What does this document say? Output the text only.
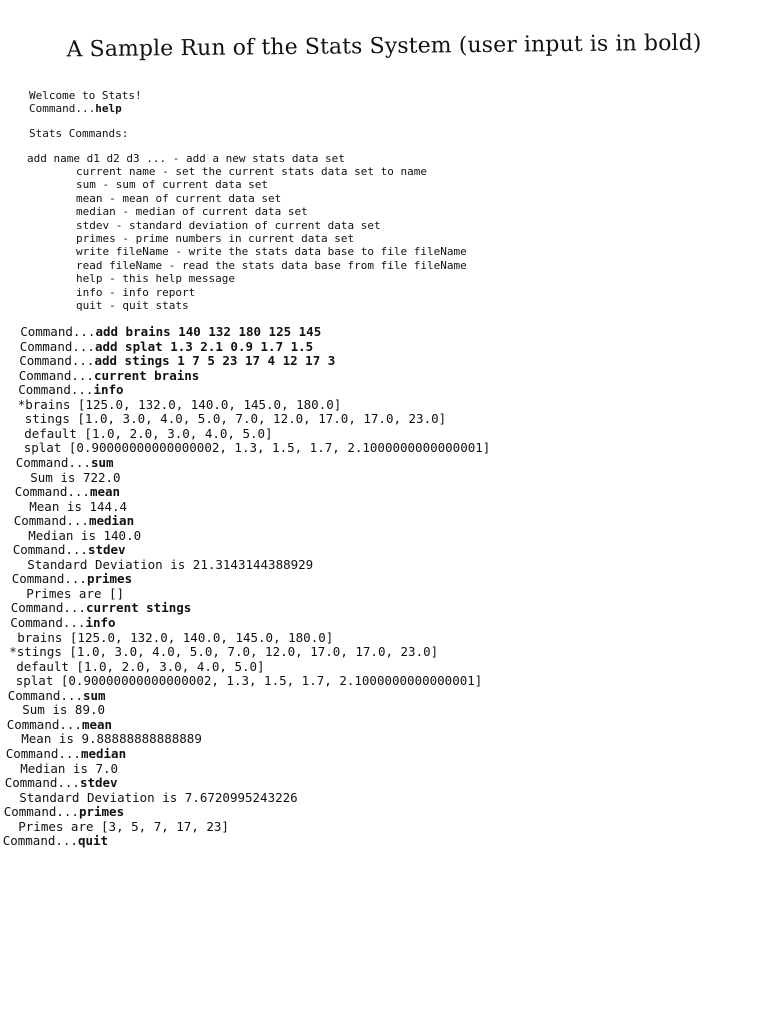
A Sample Run of the Stats System (user input is in bold)
Welcome to Stats!
Command...help
Stats Commands:
add name d1 d2 d3 ... - add a new stats data set
current name - set the current stats data set to name
sum - sum of current data set
mean - mean of current data set
median - median of current data set
stdev - standard deviation of current data set
primes - prime numbers in current data set
write fileName - write the stats data base to file fileName
read fileName - read the stats data base from file fileName
help - this help message
info - info report
quit - quit stats
Command...add brains 140 132 180 125 145
Command...add splat 1.3 2.1 0.9 1.7 1.5
Command...add stings 1 7 5 23 17 4 12 17 3
Command...current brains
Command...info
*brains [125.0, 132.0, 140.0, 145.0, 180.0]
stings [1.0, 3.0, 4.0, 5.0, 7.0, 12.0, 17.0, 17.0, 23.0]
default [1.0, 2.0, 3.0, 4.0, 5.0]
splat [0.90000000000000002, 1.3, 1.5, 1.7, 2.1000000000000001]
Command...sum
Sum is 722.0
Command...mean
Mean is 144.4
Command...median
Median is 140.0
Command...stdev
Standard Deviation is 21.3143144388929
Command...primes
Primes are []
Command...current stings
Command...info
brains [125.0, 132.0, 140.0, 145.0, 180.0]
*stings [1.0, 3.0, 4.0, 5.0, 7.0, 12.0, 17.0, 17.0, 23.0]
default [1.0, 2.0, 3.0, 4.0, 5.0]
splat [0.90000000000000002, 1.3, 1.5, 1.7, 2.1000000000000001]
Command...sum
Sum is 89.0
Command...mean
Mean is 9.88888888888889
Command...median
Median is 7.0
Command...stdev
Standard Deviation is 7.6720995243226
Command...primes
Primes are [3, 5, 7, 17, 23]
Command...quit
